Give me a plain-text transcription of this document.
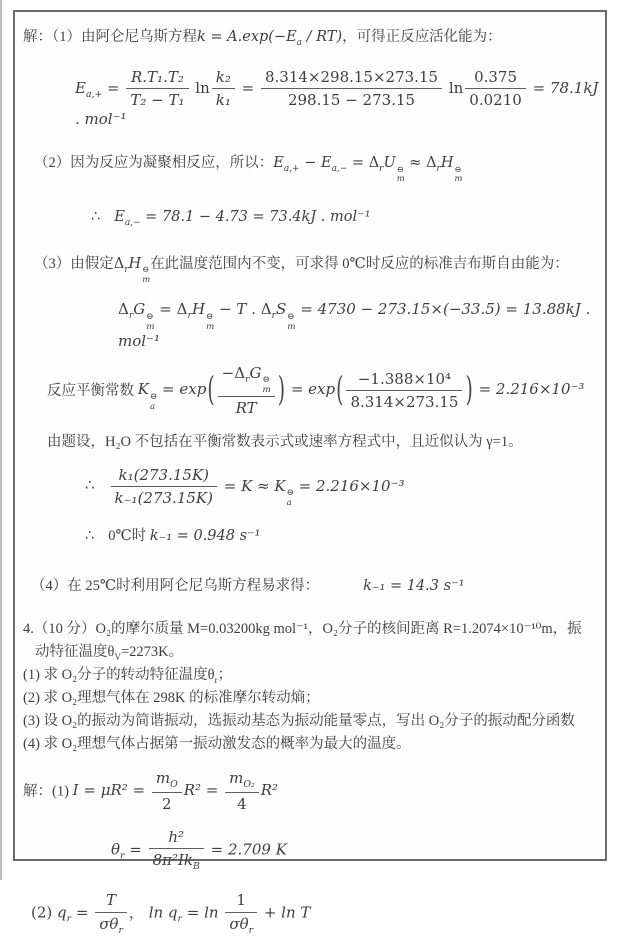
解：（1）由阿仑尼乌斯方程$k = A.\exp(-E_a / RT)$，可得正反应活化能为：

$E_{a,+} = \frac{\text{R.T₁.T₂}}{\text{T₂ − T₁}}$ $\ln \frac{\text{k₂}}{\text{k₁}} = \frac{8.314\times 298.15\times 273.15}{298.15 - 273.15}$ $\ln \frac{0.375}{0.0210} = 78.1kJ$ . mol⁻¹

（2）因为反应为凝聚相反应，所以：$E_{a,+} - E_{a,-} = \Delta_rU$ ⊖
m
≈ $\Delta_rH$ ⊖
m

∴ $E_{a,-} = 78.1 - 4.73 = 73.4kJ$ . mol⁻¹

（3）由假定$\Delta_rH$ ⊖
m
在此温度范围内不变，可求得 0℃时反应的标准吉布斯自由能为：

$\Delta_rG$ ⊖
m
= $\Delta_rH$ ⊖
m
− T . $\Delta_rS$ ⊖
m
= 4730 − 273.15×(−33.5) = 13.88kJ . mol⁻¹
反应平衡常数 K ⊖
a
= $\exp( -\Delta_rG$ ⊖
m
RT	) = $\exp( \frac{\text{−1.388×10⁴}}{8.314\times 273.15}$ ) = 2.216×10⁻³

由题设，H₂O 不包括在平衡常数表示式或速率方程式中，且近似认为 γ=1。

∴ $\frac{\text{k₁(273.15K)}}{\text{k₋₁(273.15K)}} = K \approx K$ ⊖
a
= 2.216×10⁻³

∴ 0℃时 k₋₁ = 0.948 s⁻¹

（4）在 25℃时利用阿仑尼乌斯方程易求得：	k₋₁ = 14.3 s⁻¹

4.（10 分）O₂的摩尔质量 M=0.03200kg mol⁻¹，O₂分子的核间距离 R=1.2074×10⁻¹⁰m，振

动特征温度$\theta_V=2273K$。

(1) 求 O₂分子的转动特征温度$\theta_r$；

(2) 求 O₂理想气体在 298K 的标准摩尔转动熵；

(3) 设 O₂的振动为简谐振动，选振动基态为振动能量零点，写出 O₂分子的振动配分函数

(4) 求 O₂理想气体占据第一振动激发态的概率为最大的温度。

解：(1) $I = \mu R^2 = \frac{m_O}{2} R^2 = \frac{m_{O_2}}{4} R^2$
$\theta_r$ =
h²
$8\pi^2Ik_B$
= 2.709 K
(2) $q_r$ =
T
$\sigma\theta_r$
， $\ln q_r = \ln$
1
$\sigma\theta_r$
+ ln T
